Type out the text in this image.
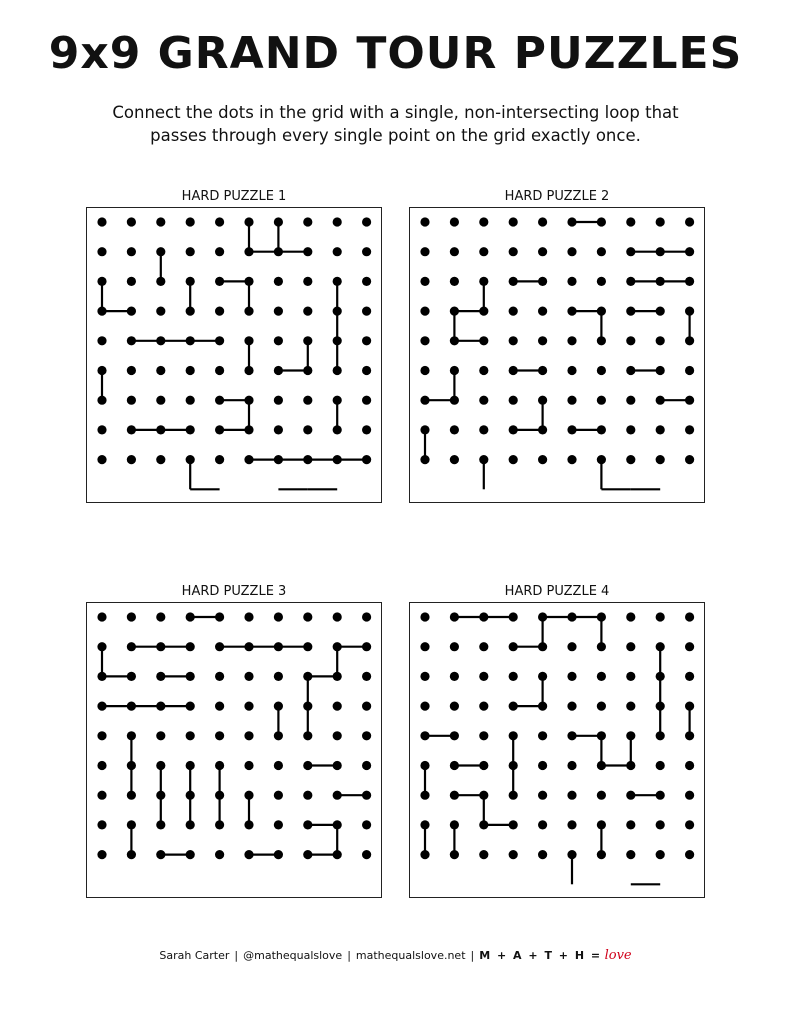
9x9 GRAND TOUR PUZZLES
Connect the dots in the grid with a single, non-intersecting loop that
passes through every single point on the grid exactly once.
HARD PUZZLE 1	HARD PUZZLE 2
HARD PUZZLE 3	HARD PUZZLE 4
Sarah Carter | @mathequalslove | mathequalslove.net | M + A + T + H = love
